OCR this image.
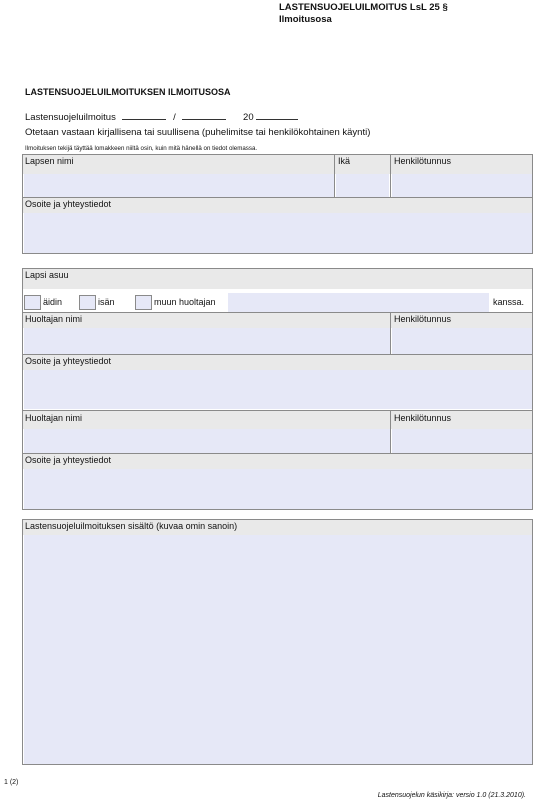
LASTENSUOJELUILMOITUS LsL 25 §
Ilmoitusosa
LASTENSUOJELUILMOITUKSEN ILMOITUSOSA
Lastensuojeluilmoitus	/	20
Otetaan vastaan kirjallisena tai suullisena (puhelimitse tai henkilökohtainen käynti)
Ilmoituksen tekijä täyttää lomakkeen niiltä osin, kuin mitä hänellä on tiedot olemassa.
Lapsen nimi	Ikä	Henkilötunnus
Osoite ja yhteystiedot
Lapsi asuu
äidin	isän	muun huoltajan	kanssa.
Huoltajan nimi	Henkilötunnus
Osoite ja yhteystiedot
Huoltajan nimi	Henkilötunnus
Osoite ja yhteystiedot
Lastensuojeluilmoituksen sisältö (kuvaa omin sanoin)
1 (2)
Lastensuojelun käsikirja: versio 1.0 (21.3.2010).
